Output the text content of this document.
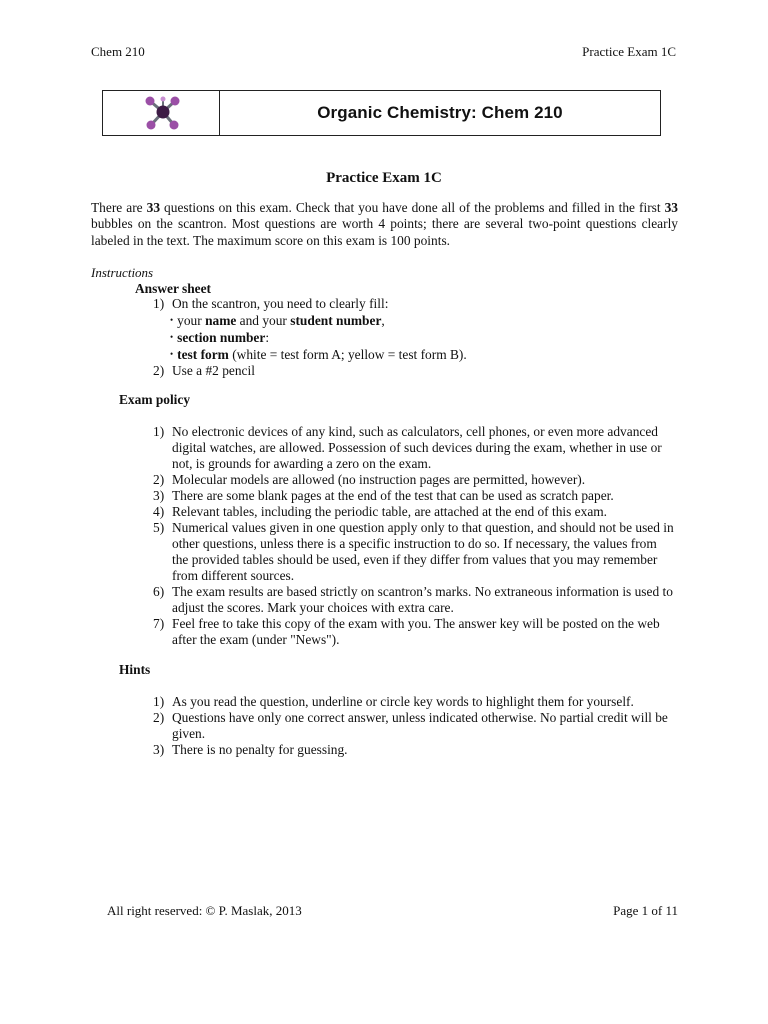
Chem 210	Practice Exam 1C
Organic Chemistry: Chem 210
Practice Exam 1C

There are 33 questions on this exam. Check that you have done all of the problems and filled in the first 33 bubbles on the scantron. Most questions are worth 4 points; there are several two-point questions clearly labeled in the text. The maximum score on this exam is 100 points.

Instructions
Answer sheet
1) On the scantron, you need to clearly fill:
• your name and your student number,
• section number:
• test form (white = test form A; yellow = test form B).
2) Use a #2 pencil
Exam policy
1) No electronic devices of any kind, such as calculators, cell phones, or even more advanced digital watches, are allowed. Possession of such devices during the exam, whether in use or not, is grounds for awarding a zero on the exam.
2) Molecular models are allowed (no instruction pages are permitted, however).
3) There are some blank pages at the end of the test that can be used as scratch paper.
4) Relevant tables, including the periodic table, are attached at the end of this exam.
5) Numerical values given in one question apply only to that question, and should not be used in other questions, unless there is a specific instruction to do so. If necessary, the values from the provided tables should be used, even if they differ from values that you may remember from different sources.
6) The exam results are based strictly on scantron’s marks. No extraneous information is used to adjust the scores. Mark your choices with extra care.
7) Feel free to take this copy of the exam with you. The answer key will be posted on the web after the exam (under "News").
Hints
1) As you read the question, underline or circle key words to highlight them for yourself.
2) Questions have only one correct answer, unless indicated otherwise. No partial credit will be given.
3) There is no penalty for guessing.
All right reserved: © P. Maslak, 2013	Page 1 of 11
